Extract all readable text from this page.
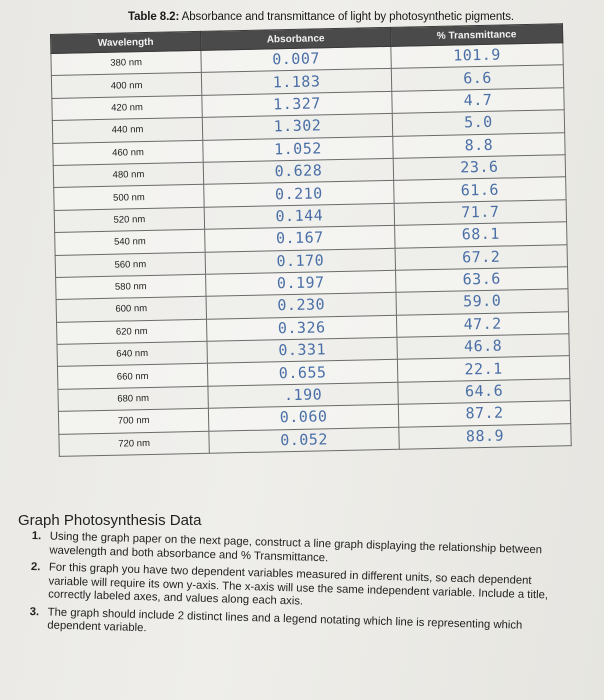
Table 8.2: Absorbance and transmittance of light by photosynthetic pigments.
Wavelength	Absorbance	% Transmittance
380 nm	0.007	101.9
400 nm	1.183	6.6
420 nm	1.327	4.7
440 nm	1.302	5.0
460 nm	1.052	8.8
480 nm	0.628	23.6
500 nm	0.210	61.6
520 nm	0.144	71.7
540 nm	0.167	68.1
560 nm	0.170	67.2
580 nm	0.197	63.6
600 nm	0.230	59.0
620 nm	0.326	47.2
640 nm	0.331	46.8
660 nm	0.655	22.1
680 nm	.190	64.6
700 nm	0.060	87.2
720 nm	0.052	88.9
Graph Photosynthesis Data
1. Using the graph paper on the next page, construct a line graph displaying the relationship between wavelength and both absorbance and % Transmittance.
2. For this graph you have two dependent variables measured in different units, so each dependent variable will require its own y-axis. The x-axis will use the same independent variable. Include a title, correctly labeled axes, and values along each axis.
3. The graph should include 2 distinct lines and a legend notating which line is representing which dependent variable.
